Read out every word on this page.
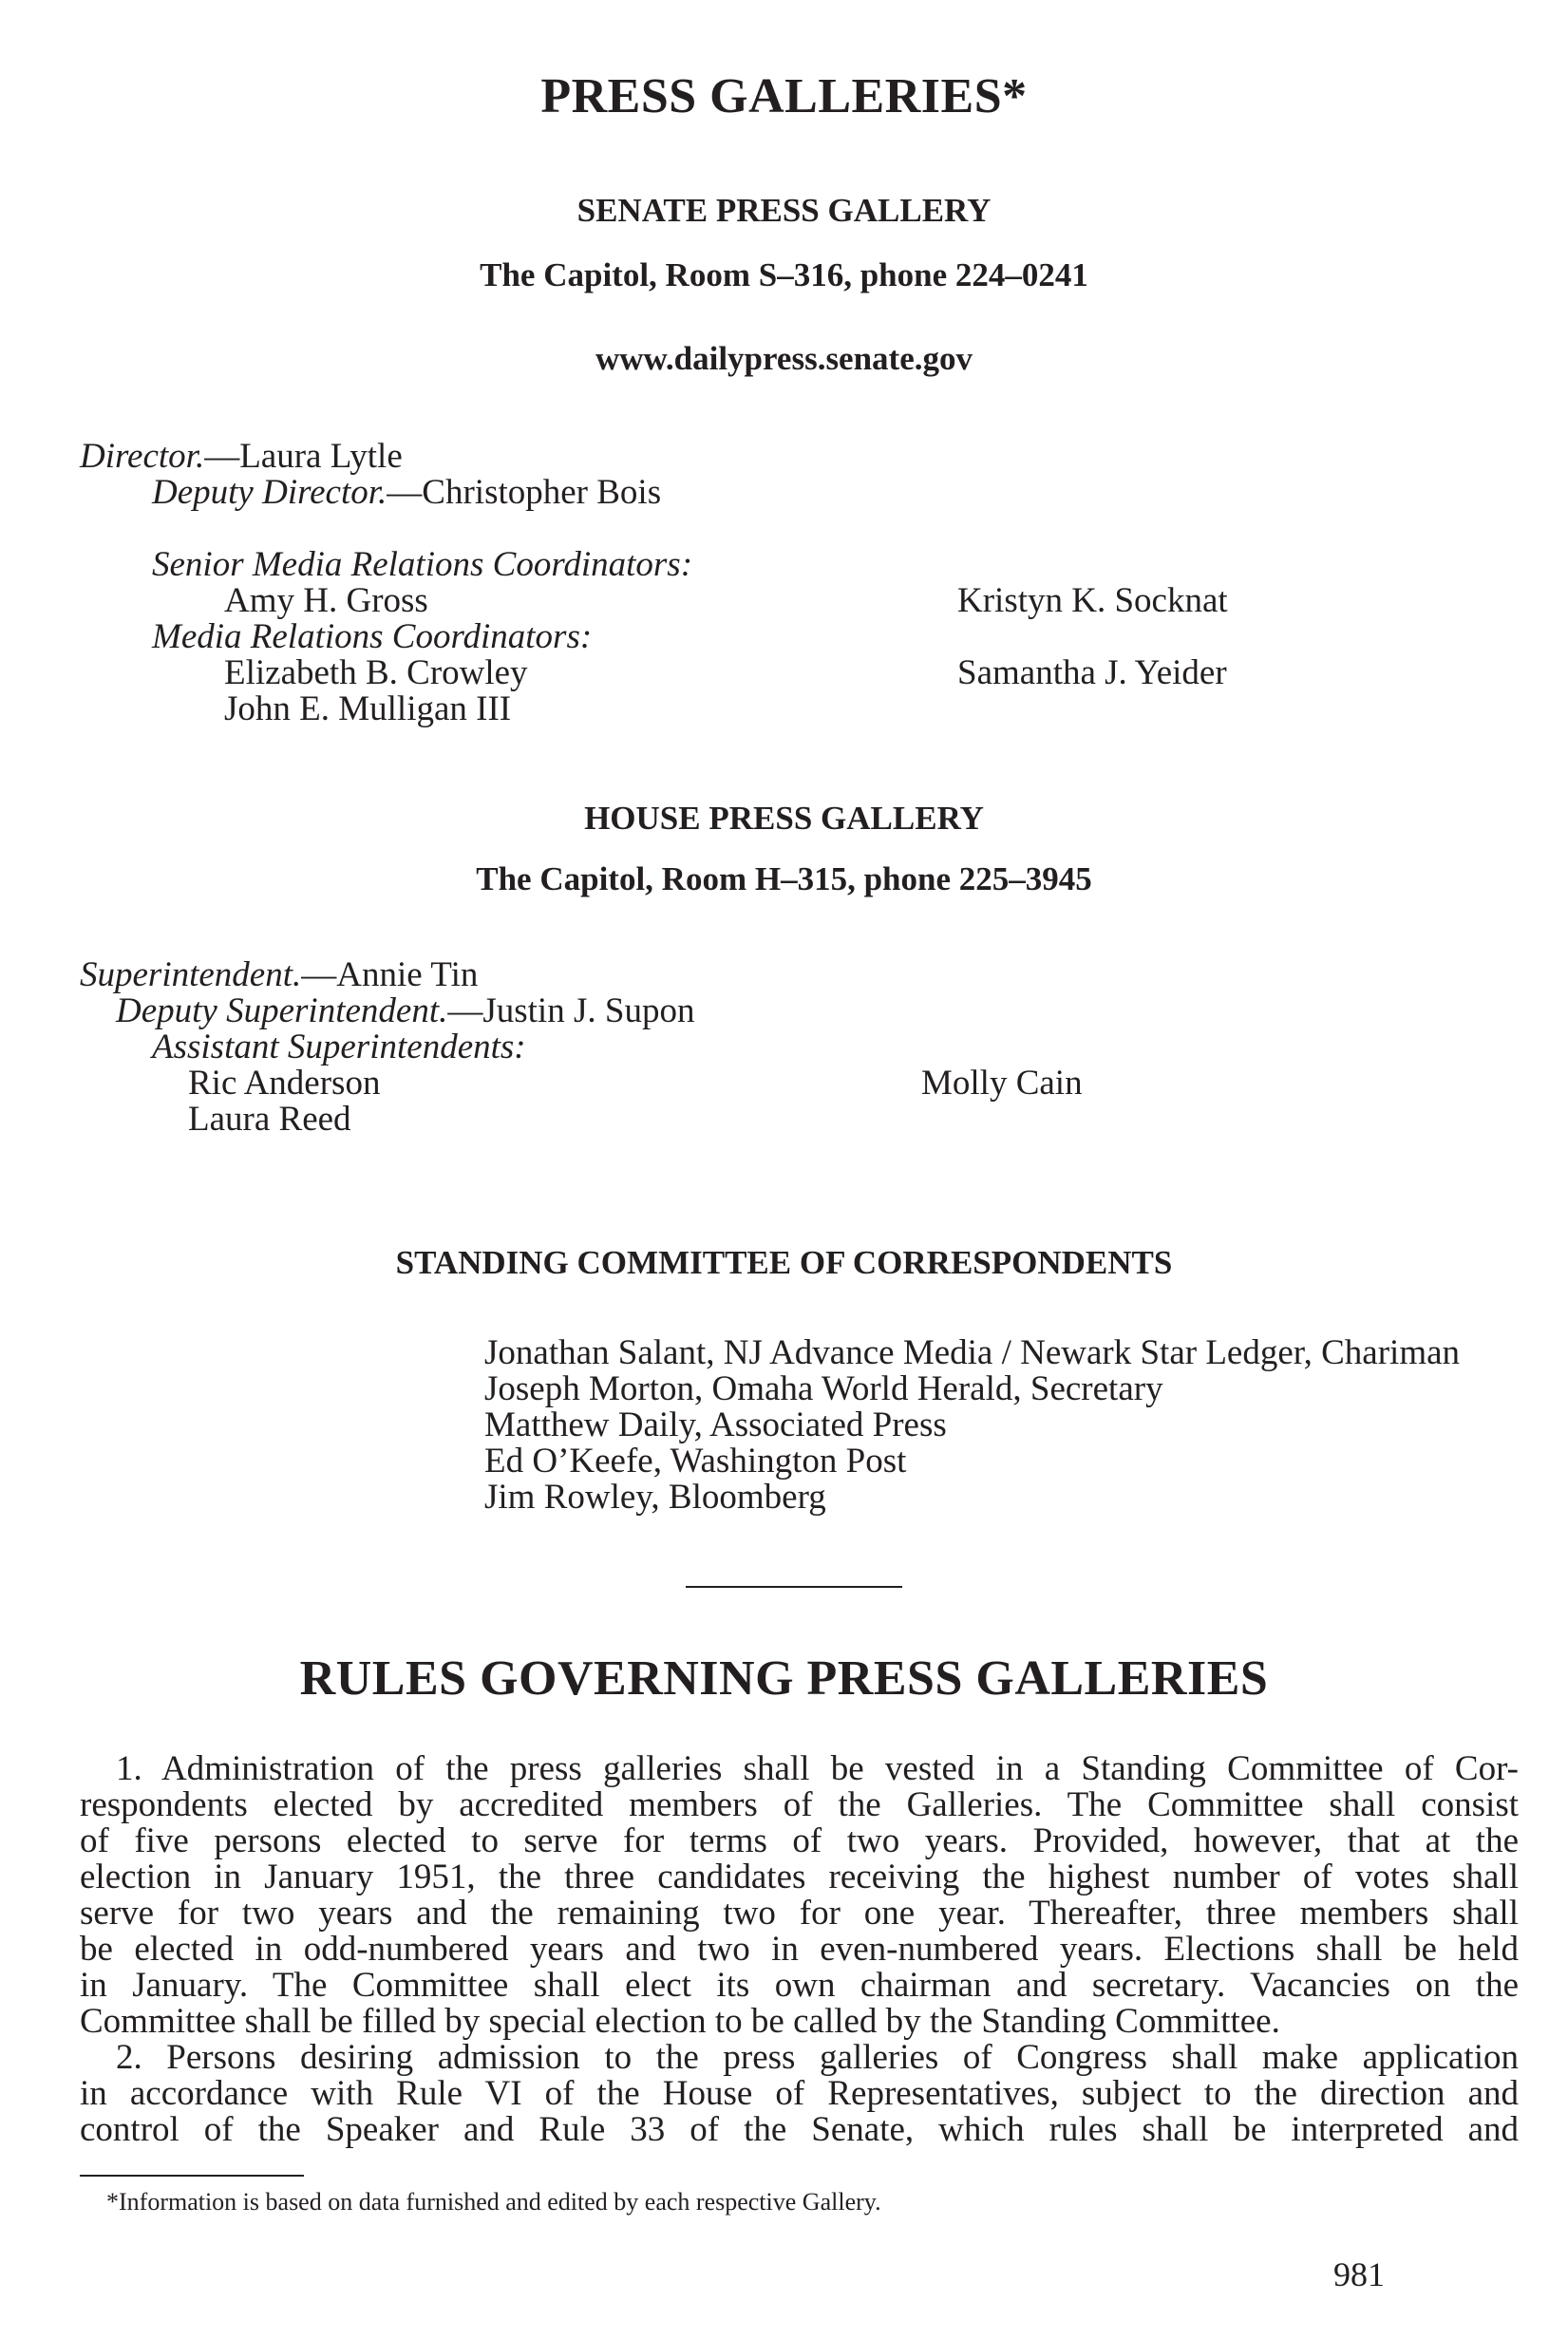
PRESS GALLERIES*
SENATE PRESS GALLERY
The Capitol, Room S–316, phone 224–0241
www.dailypress.senate.gov
Director.—Laura Lytle
Deputy Director.—Christopher Bois
Senior Media Relations Coordinators:
Amy H. Gross	Kristyn K. Socknat
Media Relations Coordinators:
Elizabeth B. Crowley	Samantha J. Yeider
John E. Mulligan III
HOUSE PRESS GALLERY
The Capitol, Room H–315, phone 225–3945
Superintendent.—Annie Tin
Deputy Superintendent.—Justin J. Supon
Assistant Superintendents:
Ric Anderson	Molly Cain
Laura Reed
STANDING COMMITTEE OF CORRESPONDENTS
Jonathan Salant, NJ Advance Media / Newark Star Ledger, Chariman
Joseph Morton, Omaha World Herald, Secretary
Matthew Daily, Associated Press
Ed O’Keefe, Washington Post
Jim Rowley, Bloomberg
RULES GOVERNING PRESS GALLERIES
1. Administration of the press galleries shall be vested in a Standing Committee of Cor-
respondents elected by accredited members of the Galleries. The Committee shall consist
of five persons elected to serve for terms of two years. Provided, however, that at the
election in January 1951, the three candidates receiving the highest number of votes shall
serve for two years and the remaining two for one year. Thereafter, three members shall
be elected in odd-numbered years and two in even-numbered years. Elections shall be held
in January. The Committee shall elect its own chairman and secretary. Vacancies on the
Committee shall be filled by special election to be called by the Standing Committee.
2. Persons desiring admission to the press galleries of Congress shall make application
in accordance with Rule VI of the House of Representatives, subject to the direction and
control of the Speaker and Rule 33 of the Senate, which rules shall be interpreted and
*Information is based on data furnished and edited by each respective Gallery.
981
